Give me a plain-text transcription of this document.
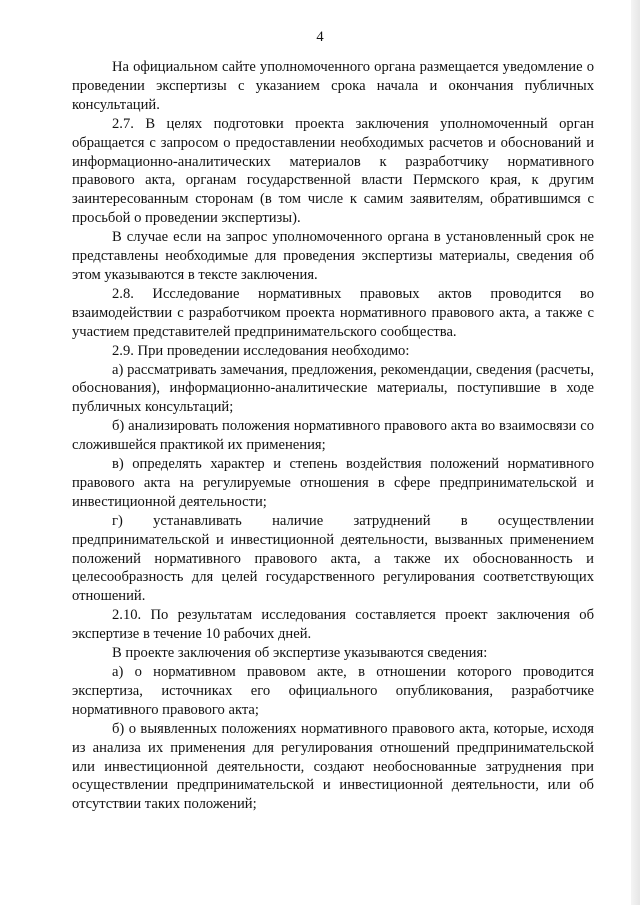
4

На официальном сайте уполномоченного органа размещается уведомление о проведении экспертизы с указанием срока начала и окончания публичных консультаций.

2.7. В целях подготовки проекта заключения уполномоченный орган обращается с запросом о предоставлении необходимых расчетов и обоснований и информационно-аналитических материалов к разработчику нормативного правового акта, органам государственной власти Пермского края, к другим заинтересованным сторонам (в том числе к самим заявителям, обратившимся с просьбой о проведении экспертизы).

В случае если на запрос уполномоченного органа в установленный срок не представлены необходимые для проведения экспертизы материалы, сведения об этом указываются в тексте заключения.

2.8. Исследование нормативных правовых актов проводится во взаимодействии с разработчиком проекта нормативного правового акта, а также с участием представителей предпринимательского сообщества.

2.9. При проведении исследования необходимо:

а) рассматривать замечания, предложения, рекомендации, сведения (расчеты, обоснования), информационно-аналитические материалы, поступившие в ходе публичных консультаций;

б) анализировать положения нормативного правового акта во взаимосвязи со сложившейся практикой их применения;

в) определять характер и степень воздействия положений нормативного правового акта на регулируемые отношения в сфере предпринимательской и инвестиционной деятельности;

г) устанавливать наличие затруднений в осуществлении предпринимательской и инвестиционной деятельности, вызванных применением положений нормативного правового акта, а также их обоснованность и целесообразность для целей государственного регулирования соответствующих отношений.

2.10. По результатам исследования составляется проект заключения об экспертизе в течение 10 рабочих дней.

В проекте заключения об экспертизе указываются сведения:

а) о нормативном правовом акте, в отношении которого проводится экспертиза, источниках его официального опубликования, разработчике нормативного правового акта;

б) о выявленных положениях нормативного правового акта, которые, исходя из анализа их применения для регулирования отношений предпринимательской или инвестиционной деятельности, создают необоснованные затруднения при осуществлении предпринимательской и инвестиционной деятельности, или об отсутствии таких положений;
